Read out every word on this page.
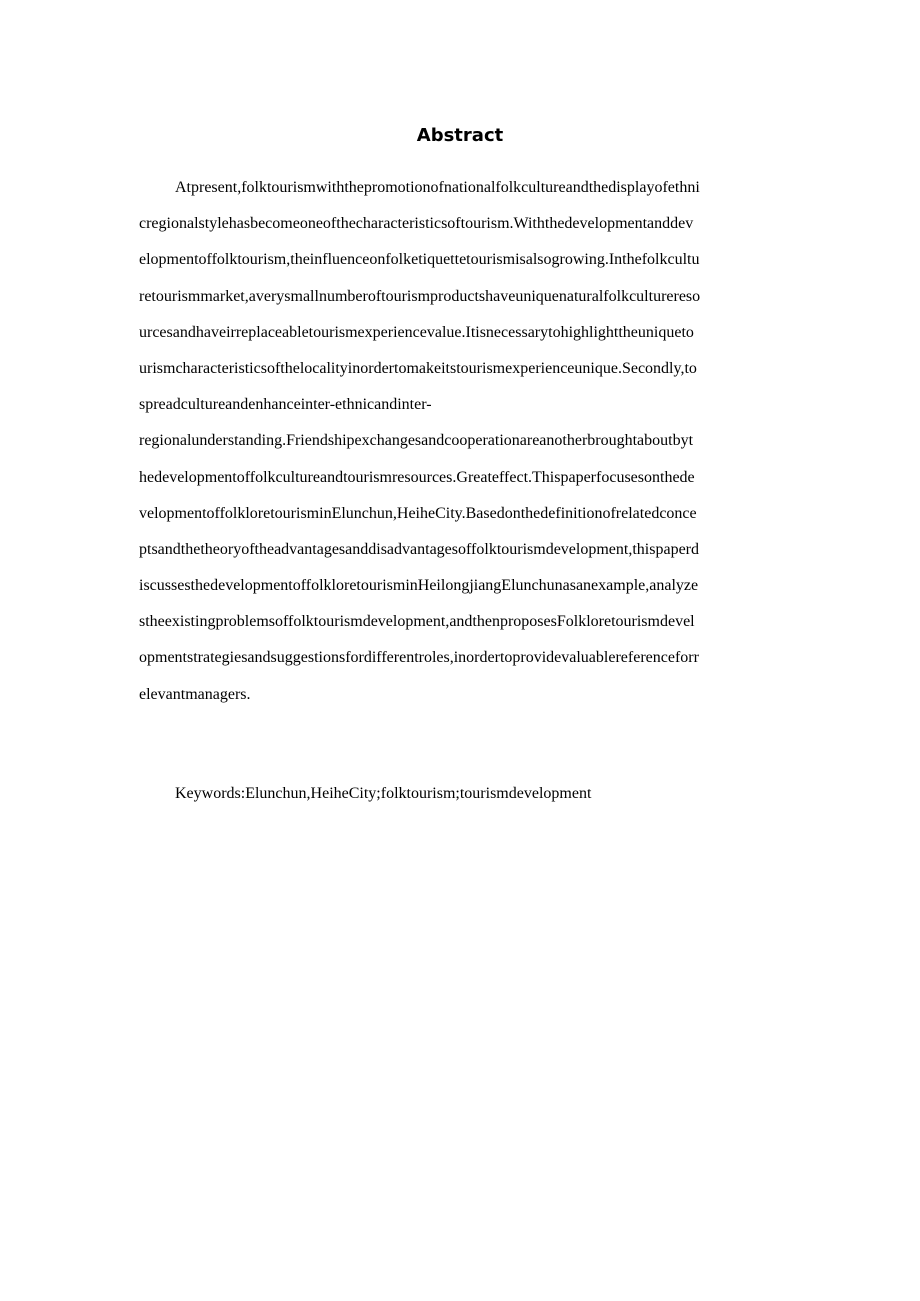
Abstract
Atpresent,folktourismwiththepromotionofnationalfolkcultureandthedisplayofethni
cregionalstylehasbecomeoneofthecharacteristicsoftourism.Withthedevelopmentanddev
elopmentoffolktourism,theinfluenceonfolketiquettetourismisalsogrowing.Inthefolkcultu
retourismmarket,averysmallnumberoftourismproductshaveuniquenaturalfolkculturereso
urcesandhaveirreplaceabletourismexperiencevalue.Itisnecessarytohighlighttheuniqueto
urismcharacteristicsofthelocalityinordertomakeitstourismexperienceunique.Secondly,to
spreadcultureandenhanceinter-ethnicandinter-
regionalunderstanding.Friendshipexchangesandcooperationareanotherbroughtaboutbyt
hedevelopmentoffolkcultureandtourismresources.Greateffect.Thispaperfocusesonthede
velopmentoffolkloretourisminElunchun,HeiheCity.Basedonthedefinitionofrelatedconce
ptsandthetheoryoftheadvantagesanddisadvantagesoffolktourismdevelopment,thispaperd
iscussesthedevelopmentoffolkloretourisminHeilongjiangElunchunasanexample,analyze
stheexistingproblemsoffolktourismdevelopment,andthenproposesFolkloretourismdevel
opmentstrategiesandsuggestionsfordifferentroles,inordertoprovidevaluablereferenceforr
elevantmanagers.
Keywords:Elunchun,HeiheCity;folktourism;tourismdevelopment
